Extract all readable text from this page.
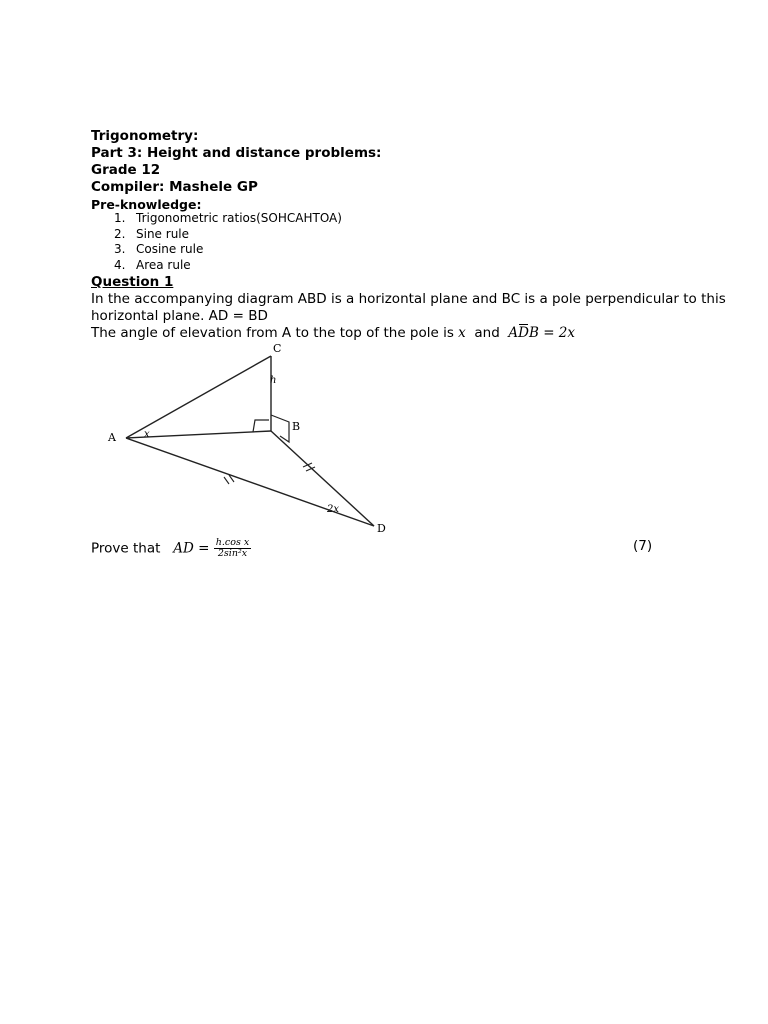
Trigonometry:
Part 3: Height and distance problems:
Grade 12
Compiler: Mashele GP
Pre-knowledge:
1. Trigonometric ratios(SOHCAHTOA)
2. Sine rule
3. Cosine rule
4. Area rule
Question 1
In the accompanying diagram ABD is a horizontal plane and BC is a pole perpendicular to this
horizontal plane. AD = BD
The angle of elevation from A to the top of the pole is x and ADB = 2x
A
C
B
D
h
x
2x
Prove that AD = $\frac{\text{h.cos x}}{\text{2sin²x}}$	(7)
